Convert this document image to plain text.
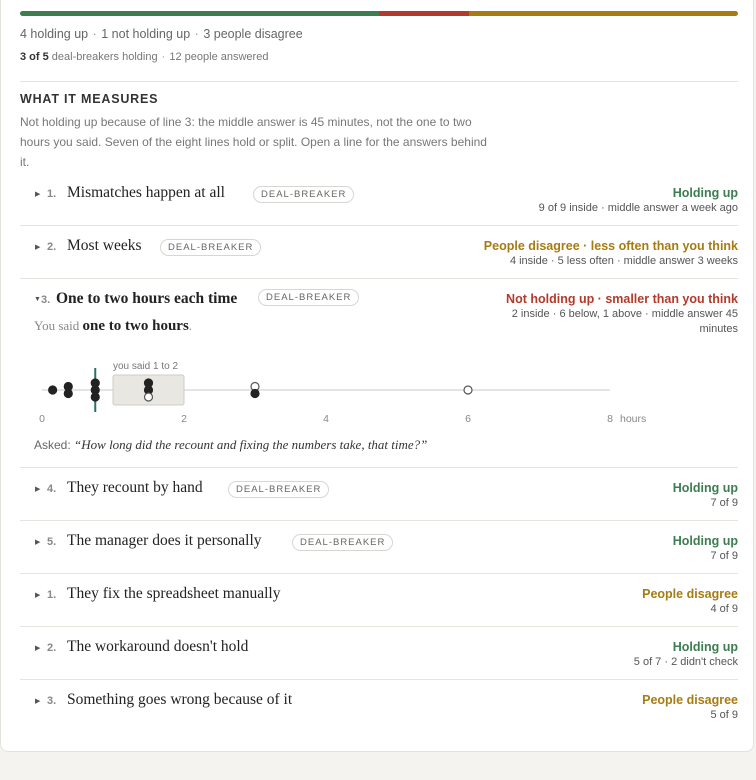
4 holding up · 1 not holding up · 3 people disagree
3 of 5 deal-breakers holding · 12 people answered
WHAT IT MEASURES
Not holding up because of line 3: the middle answer is 45 minutes, not the one to two hours you said. Seven of the eight lines hold or split. Open a line for the answers behind it.
▶ 1. Mismatches happen at all	DEAL-BREAKER	Holding up
9 of 9 inside · middle answer a week ago
▶ 2. Most weeks	DEAL-BREAKER	People disagree · less often than you think
4 inside · 5 less often · middle answer 3 weeks
▼ 3. One to two hours each time	DEAL-BREAKER	Not holding up · smaller than you think
2 inside · 6 below, 1 above · middle answer 45 minutes
You said one to two hours.
you said 1 to 2
0	2	4	6	8 hours
Asked: “How long did the recount and fixing the numbers take, that time?”
▶ 4. They recount by hand	DEAL-BREAKER	Holding up
7 of 9
▶ 5. The manager does it personally	DEAL-BREAKER	Holding up
7 of 9
▶ 1. They fix the spreadsheet manually	People disagree
4 of 9
▶ 2. The workaround doesn't hold	Holding up
5 of 7 · 2 didn't check
▶ 3. Something goes wrong because of it	People disagree
5 of 9
